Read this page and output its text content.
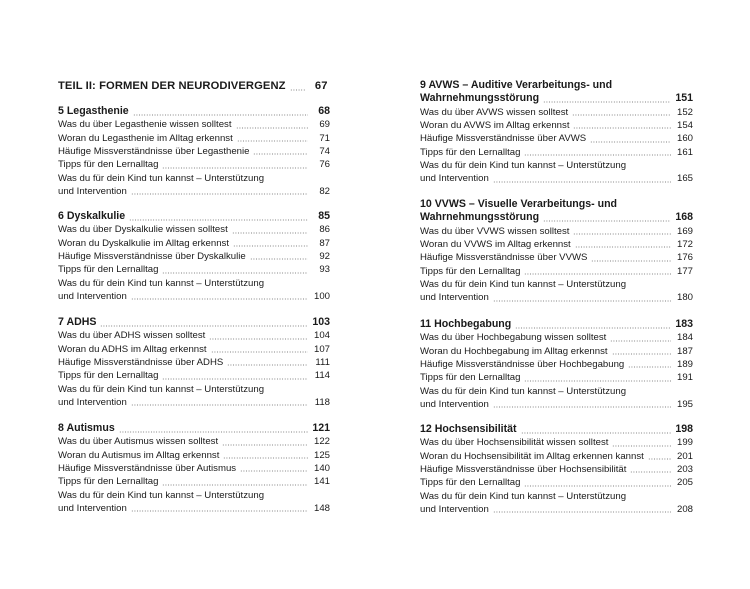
TEIL II: FORMEN DER NEURODIVERGENZ	67
5 Legasthenie	68
Was du über Legasthenie wissen solltest	69
Woran du Legasthenie im Alltag erkennst	71
Häufige Missverständnisse über Legasthenie	74
Tipps für den Lernalltag	76
Was du für dein Kind tun kannst – Unterstützung
und Intervention	82
6 Dyskalkulie	85
Was du über Dyskalkulie wissen solltest	86
Woran du Dyskalkulie im Alltag erkennst	87
Häufige Missverständnisse über Dyskalkulie	92
Tipps für den Lernalltag	93
Was du für dein Kind tun kannst – Unterstützung
und Intervention	100
7 ADHS	103
Was du über ADHS wissen solltest	104
Woran du ADHS im Alltag erkennst	107
Häufige Missverständnisse über ADHS	111
Tipps für den Lernalltag	114
Was du für dein Kind tun kannst – Unterstützung
und Intervention	118
8 Autismus	121
Was du über Autismus wissen solltest	122
Woran du Autismus im Alltag erkennst	125
Häufige Missverständnisse über Autismus	140
Tipps für den Lernalltag	141
Was du für dein Kind tun kannst – Unterstützung
und Intervention	148
9 AVWS – Auditive Verarbeitungs- und
Wahrnehmungsstörung	151
Was du über AVWS wissen solltest	152
Woran du AVWS im Alltag erkennst	154
Häufige Missverständnisse über AVWS	160
Tipps für den Lernalltag	161
Was du für dein Kind tun kannst – Unterstützung
und Intervention	165
10 VVWS – Visuelle Verarbeitungs- und
Wahrnehmungsstörung	168
Was du über VVWS wissen solltest	169
Woran du VVWS im Alltag erkennst	172
Häufige Missverständnisse über VVWS	176
Tipps für den Lernalltag	177
Was du für dein Kind tun kannst – Unterstützung
und Intervention	180
11 Hochbegabung	183
Was du über Hochbegabung wissen solltest	184
Woran du Hochbegabung im Alltag erkennst	187
Häufige Missverständnisse über Hochbegabung	189
Tipps für den Lernalltag	191
Was du für dein Kind tun kannst – Unterstützung
und Intervention	195
12 Hochsensibilität	198
Was du über Hochsensibilität wissen solltest	199
Woran du Hochsensibilität im Alltag erkennen kannst	201
Häufige Missverständnisse über Hochsensibilität	203
Tipps für den Lernalltag	205
Was du für dein Kind tun kannst – Unterstützung
und Intervention	208
